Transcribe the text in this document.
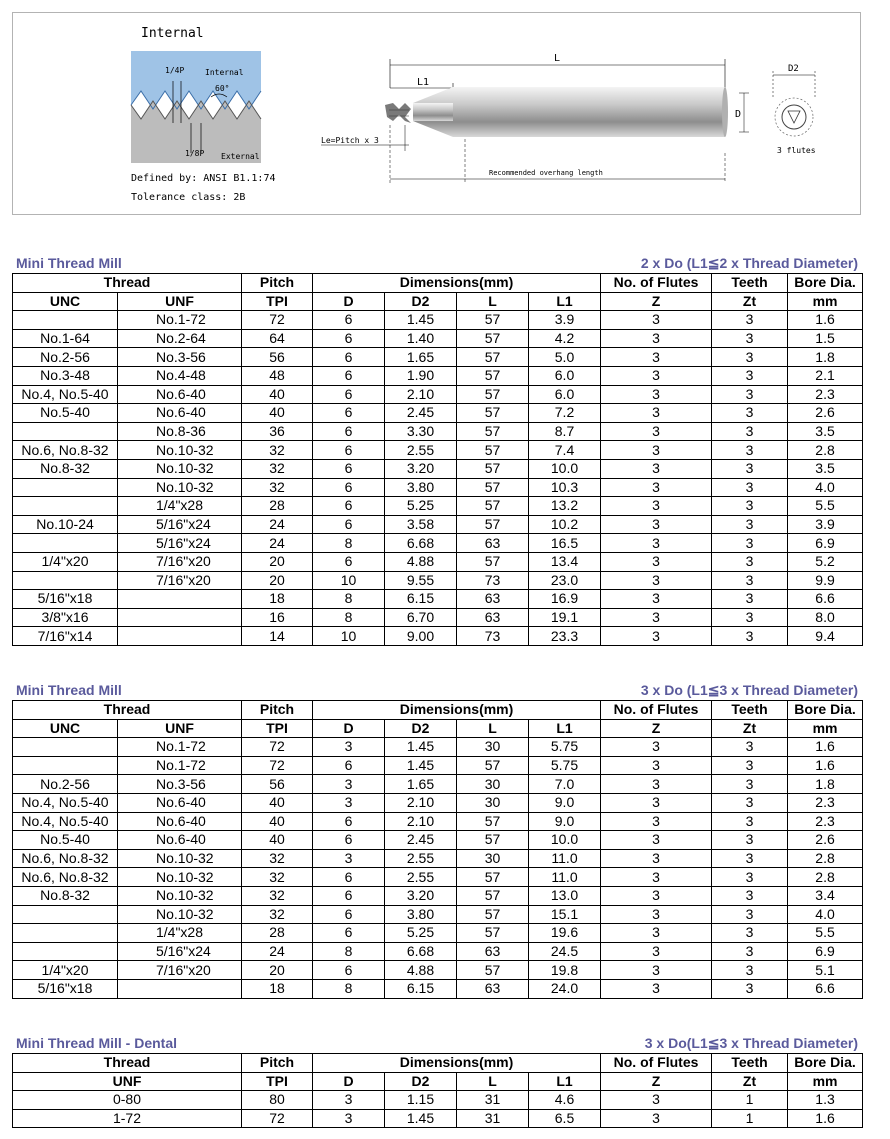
Internal
Internal
External
1/4P
1/8P
60°
Defined by: ANSI B1.1:74
Tolerance class: 2B
L
L1
D
Le=Pitch x 3
Recommended overhang length
D2
3 flutes
Mini Thread Mill	2 x Do (L1≦2 x Thread Diameter)
Thread		Pitch	Dimensions(mm)				No. of Flutes	Teeth	Bore Dia.
UNC	UNF	TPI	D	D2	L	L1	Z	Zt	mm
	No.1-72	72	6	1.45	57	3.9	3	3	1.6
No.1-64	No.2-64	64	6	1.40	57	4.2	3	3	1.5
No.2-56	No.3-56	56	6	1.65	57	5.0	3	3	1.8
No.3-48	No.4-48	48	6	1.90	57	6.0	3	3	2.1
No.4, No.5-40	No.6-40	40	6	2.10	57	6.0	3	3	2.3
No.5-40	No.6-40	40	6	2.45	57	7.2	3	3	2.6
	No.8-36	36	6	3.30	57	8.7	3	3	3.5
No.6, No.8-32	No.10-32	32	6	2.55	57	7.4	3	3	2.8
No.8-32	No.10-32	32	6	3.20	57	10.0	3	3	3.5
	No.10-32	32	6	3.80	57	10.3	3	3	4.0
	1/4"x28	28	6	5.25	57	13.2	3	3	5.5
No.10-24	5/16"x24	24	6	3.58	57	10.2	3	3	3.9
	5/16"x24	24	8	6.68	63	16.5	3	3	6.9
1/4"x20	7/16"x20	20	6	4.88	57	13.4	3	3	5.2
	7/16"x20	20	10	9.55	73	23.0	3	3	9.9
5/16"x18		18	8	6.15	63	16.9	3	3	6.6
3/8"x16		16	8	6.70	63	19.1	3	3	8.0
7/16"x14		14	10	9.00	73	23.3	3	3	9.4
Mini Thread Mill	3 x Do (L1≦3 x Thread Diameter)
Thread		Pitch	Dimensions(mm)				No. of Flutes	Teeth	Bore Dia.
UNC	UNF	TPI	D	D2	L	L1	Z	Zt	mm
	No.1-72	72	3	1.45	30	5.75	3	3	1.6
	No.1-72	72	6	1.45	57	5.75	3	3	1.6
No.2-56	No.3-56	56	3	1.65	30	7.0	3	3	1.8
No.4, No.5-40	No.6-40	40	3	2.10	30	9.0	3	3	2.3
No.4, No.5-40	No.6-40	40	6	2.10	57	9.0	3	3	2.3
No.5-40	No.6-40	40	6	2.45	57	10.0	3	3	2.6
No.6, No.8-32	No.10-32	32	3	2.55	30	11.0	3	3	2.8
No.6, No.8-32	No.10-32	32	6	2.55	57	11.0	3	3	2.8
No.8-32	No.10-32	32	6	3.20	57	13.0	3	3	3.4
	No.10-32	32	6	3.80	57	15.1	3	3	4.0
	1/4"x28	28	6	5.25	57	19.6	3	3	5.5
	5/16"x24	24	8	6.68	63	24.5	3	3	6.9
1/4"x20	7/16"x20	20	6	4.88	57	19.8	3	3	5.1
5/16"x18		18	8	6.15	63	24.0	3	3	6.6
Mini Thread Mill - Dental	3 x Do(L1≦3 x Thread Diameter)
Thread	Pitch	Dimensions(mm)				No. of Flutes	Teeth	Bore Dia.
UNF	TPI	D	D2	L	L1	Z	Zt	mm
0-80	80	3	1.15	31	4.6	3	1	1.3
1-72	72	3	1.45	31	6.5	3	1	1.6
